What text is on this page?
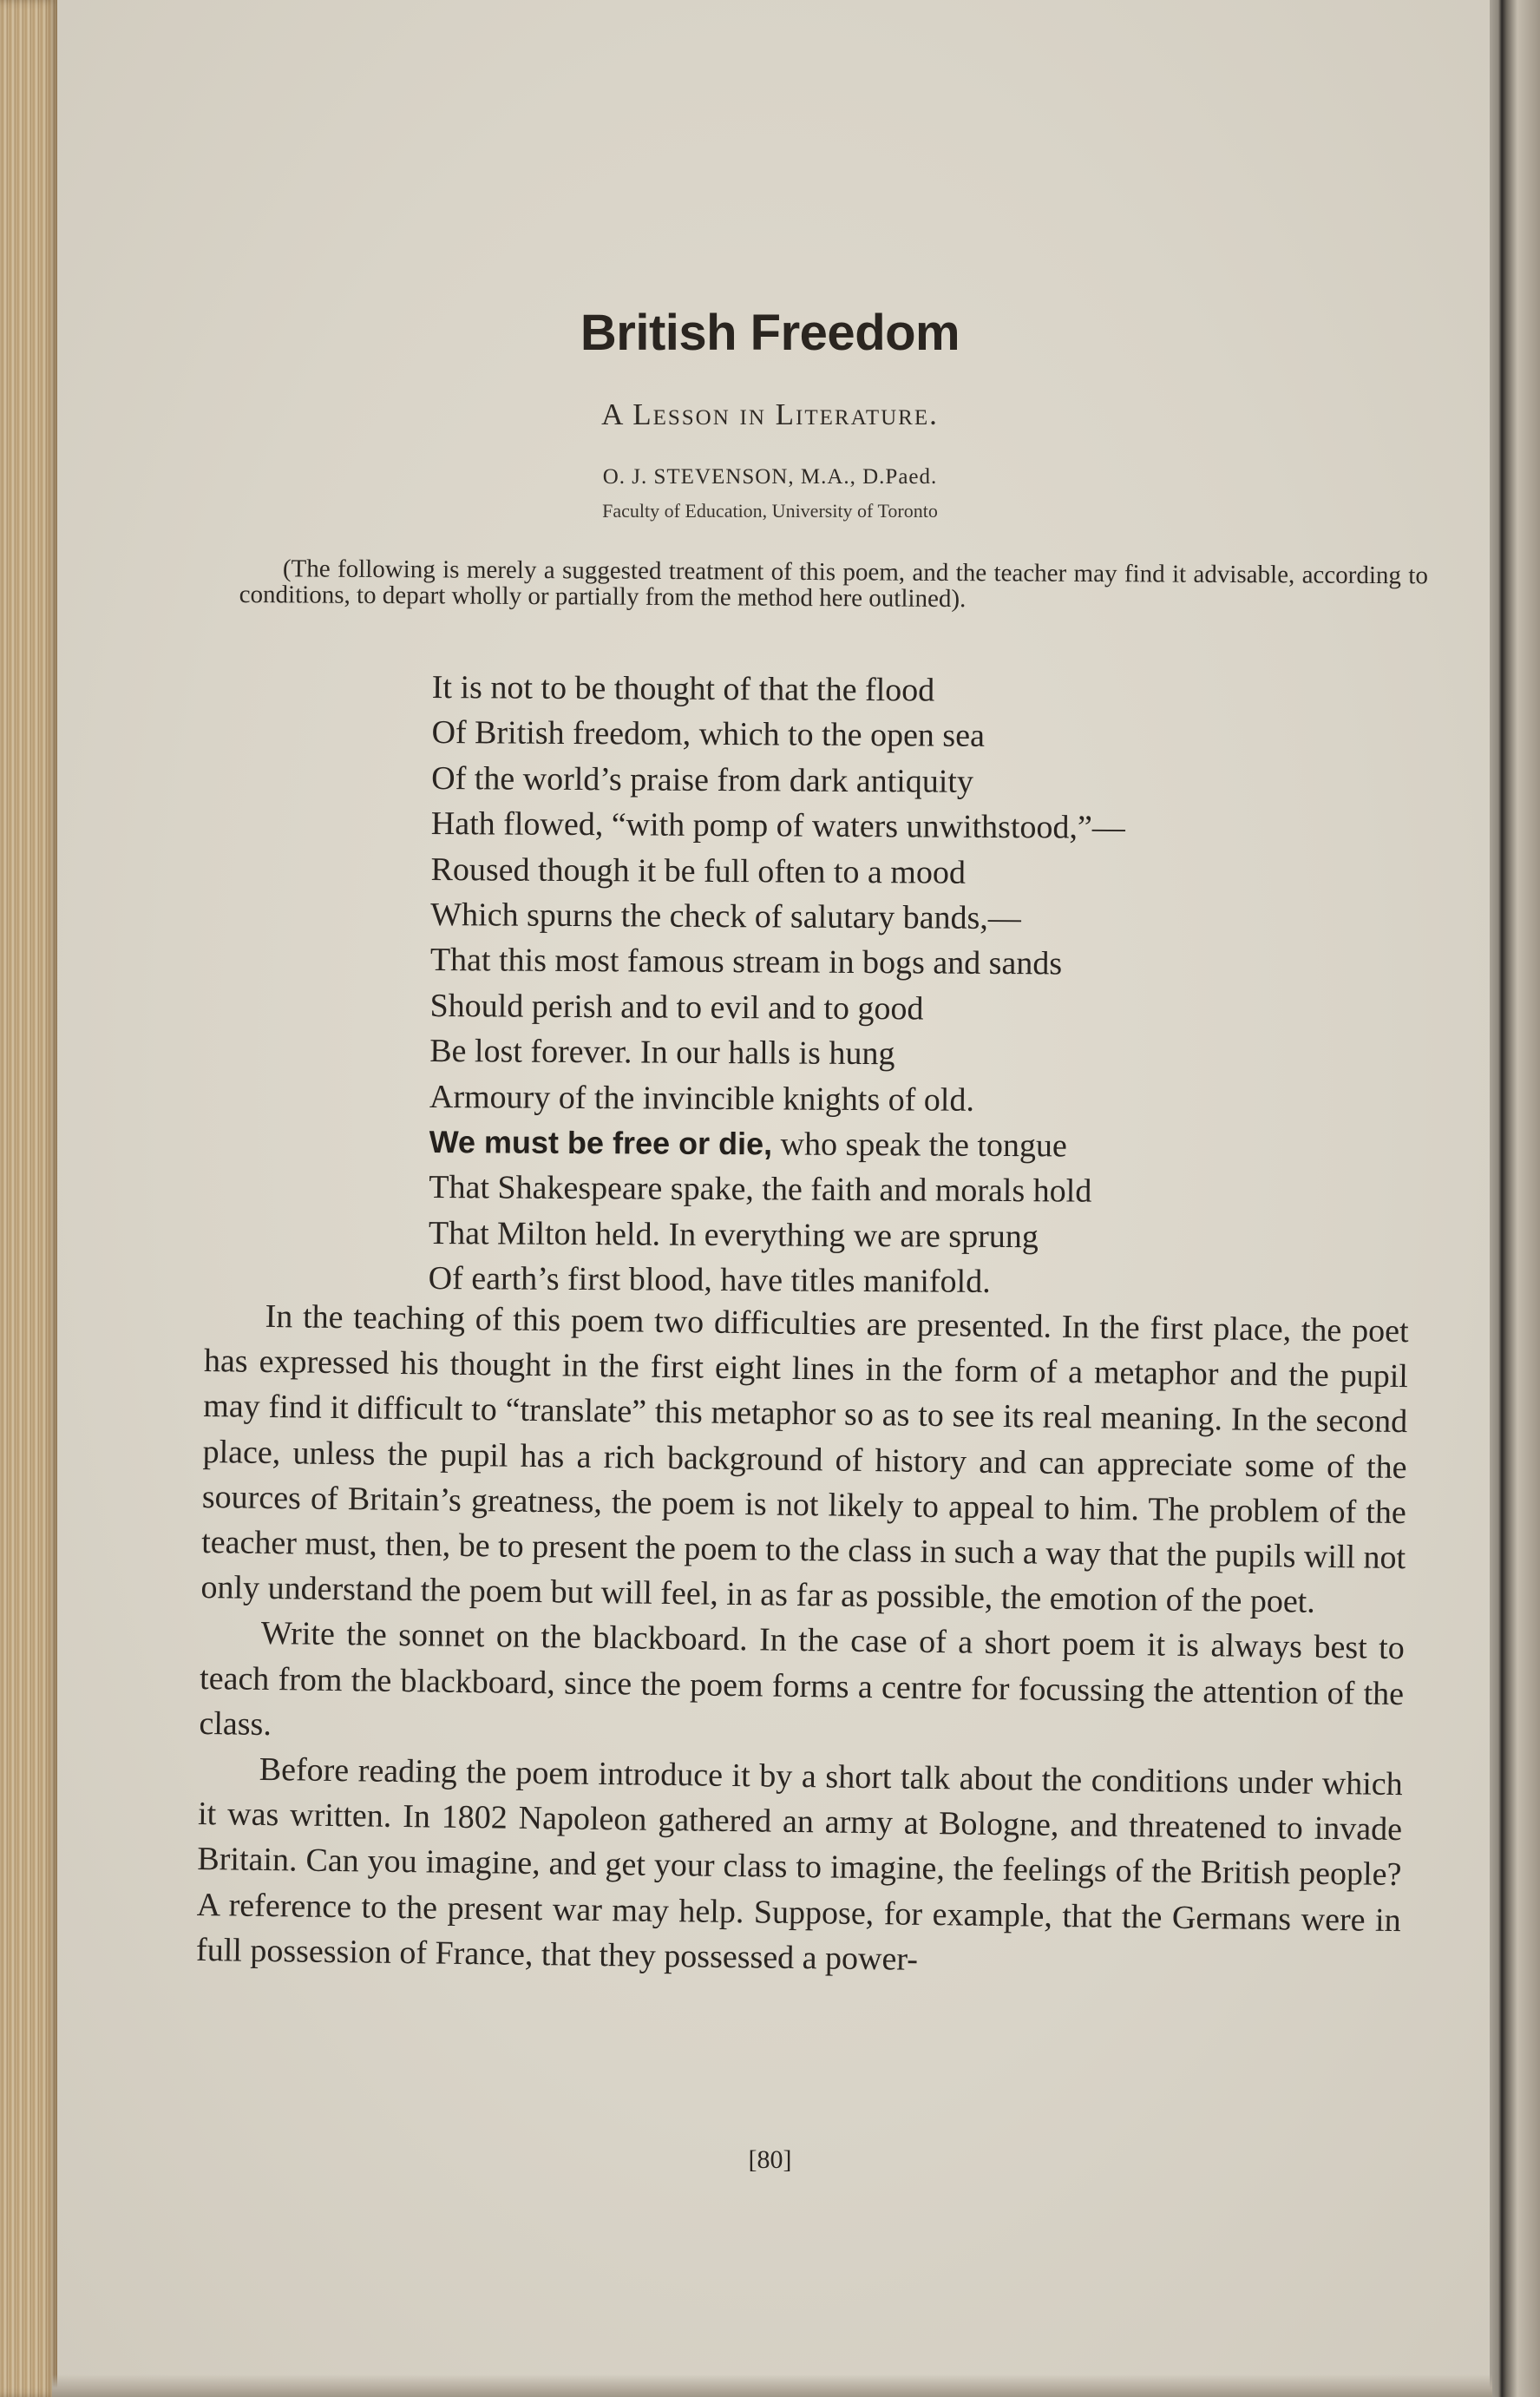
British Freedom
A Lesson in Literature.
O. J. STEVENSON, M.A., D.Paed.
Faculty of Education, University of Toronto

(The following is merely a suggested treatment of this poem, and the teacher may find it advisable, according to conditions, to depart wholly or partially from the method here outlined).

It is not to be thought of that the flood
Of British freedom, which to the open sea
Of the world’s praise from dark antiquity
Hath flowed, “with pomp of waters unwithstood,”—
Roused though it be full often to a mood
Which spurns the check of salutary bands,—
That this most famous stream in bogs and sands
Should perish and to evil and to good
Be lost forever. In our halls is hung
Armoury of the invincible knights of old.
We must be free or die, who speak the tongue
That Shakespeare spake, the faith and morals hold
That Milton held. In everything we are sprung
Of earth’s first blood, have titles manifold.

In the teaching of this poem two difficulties are presented. In the first place, the poet has expressed his thought in the first eight lines in the form of a metaphor and the pupil may find it difficult to “translate” this metaphor so as to see its real meaning. In the second place, unless the pupil has a rich background of history and can appreciate some of the sources of Britain’s greatness, the poem is not likely to appeal to him. The problem of the teacher must, then, be to present the poem to the class in such a way that the pupils will not only understand the poem but will feel, in as far as possible, the emotion of the poet.

Write the sonnet on the blackboard. In the case of a short poem it is always best to teach from the blackboard, since the poem forms a centre for focussing the attention of the class.

Before reading the poem introduce it by a short talk about the conditions under which it was written. In 1802 Napoleon gathered an army at Bologne, and threatened to invade Britain. Can you imagine, and get your class to imagine, the feelings of the British people? A reference to the present war may help. Suppose, for example, that the Germans were in full possession of France, that they possessed a power-

[80]
